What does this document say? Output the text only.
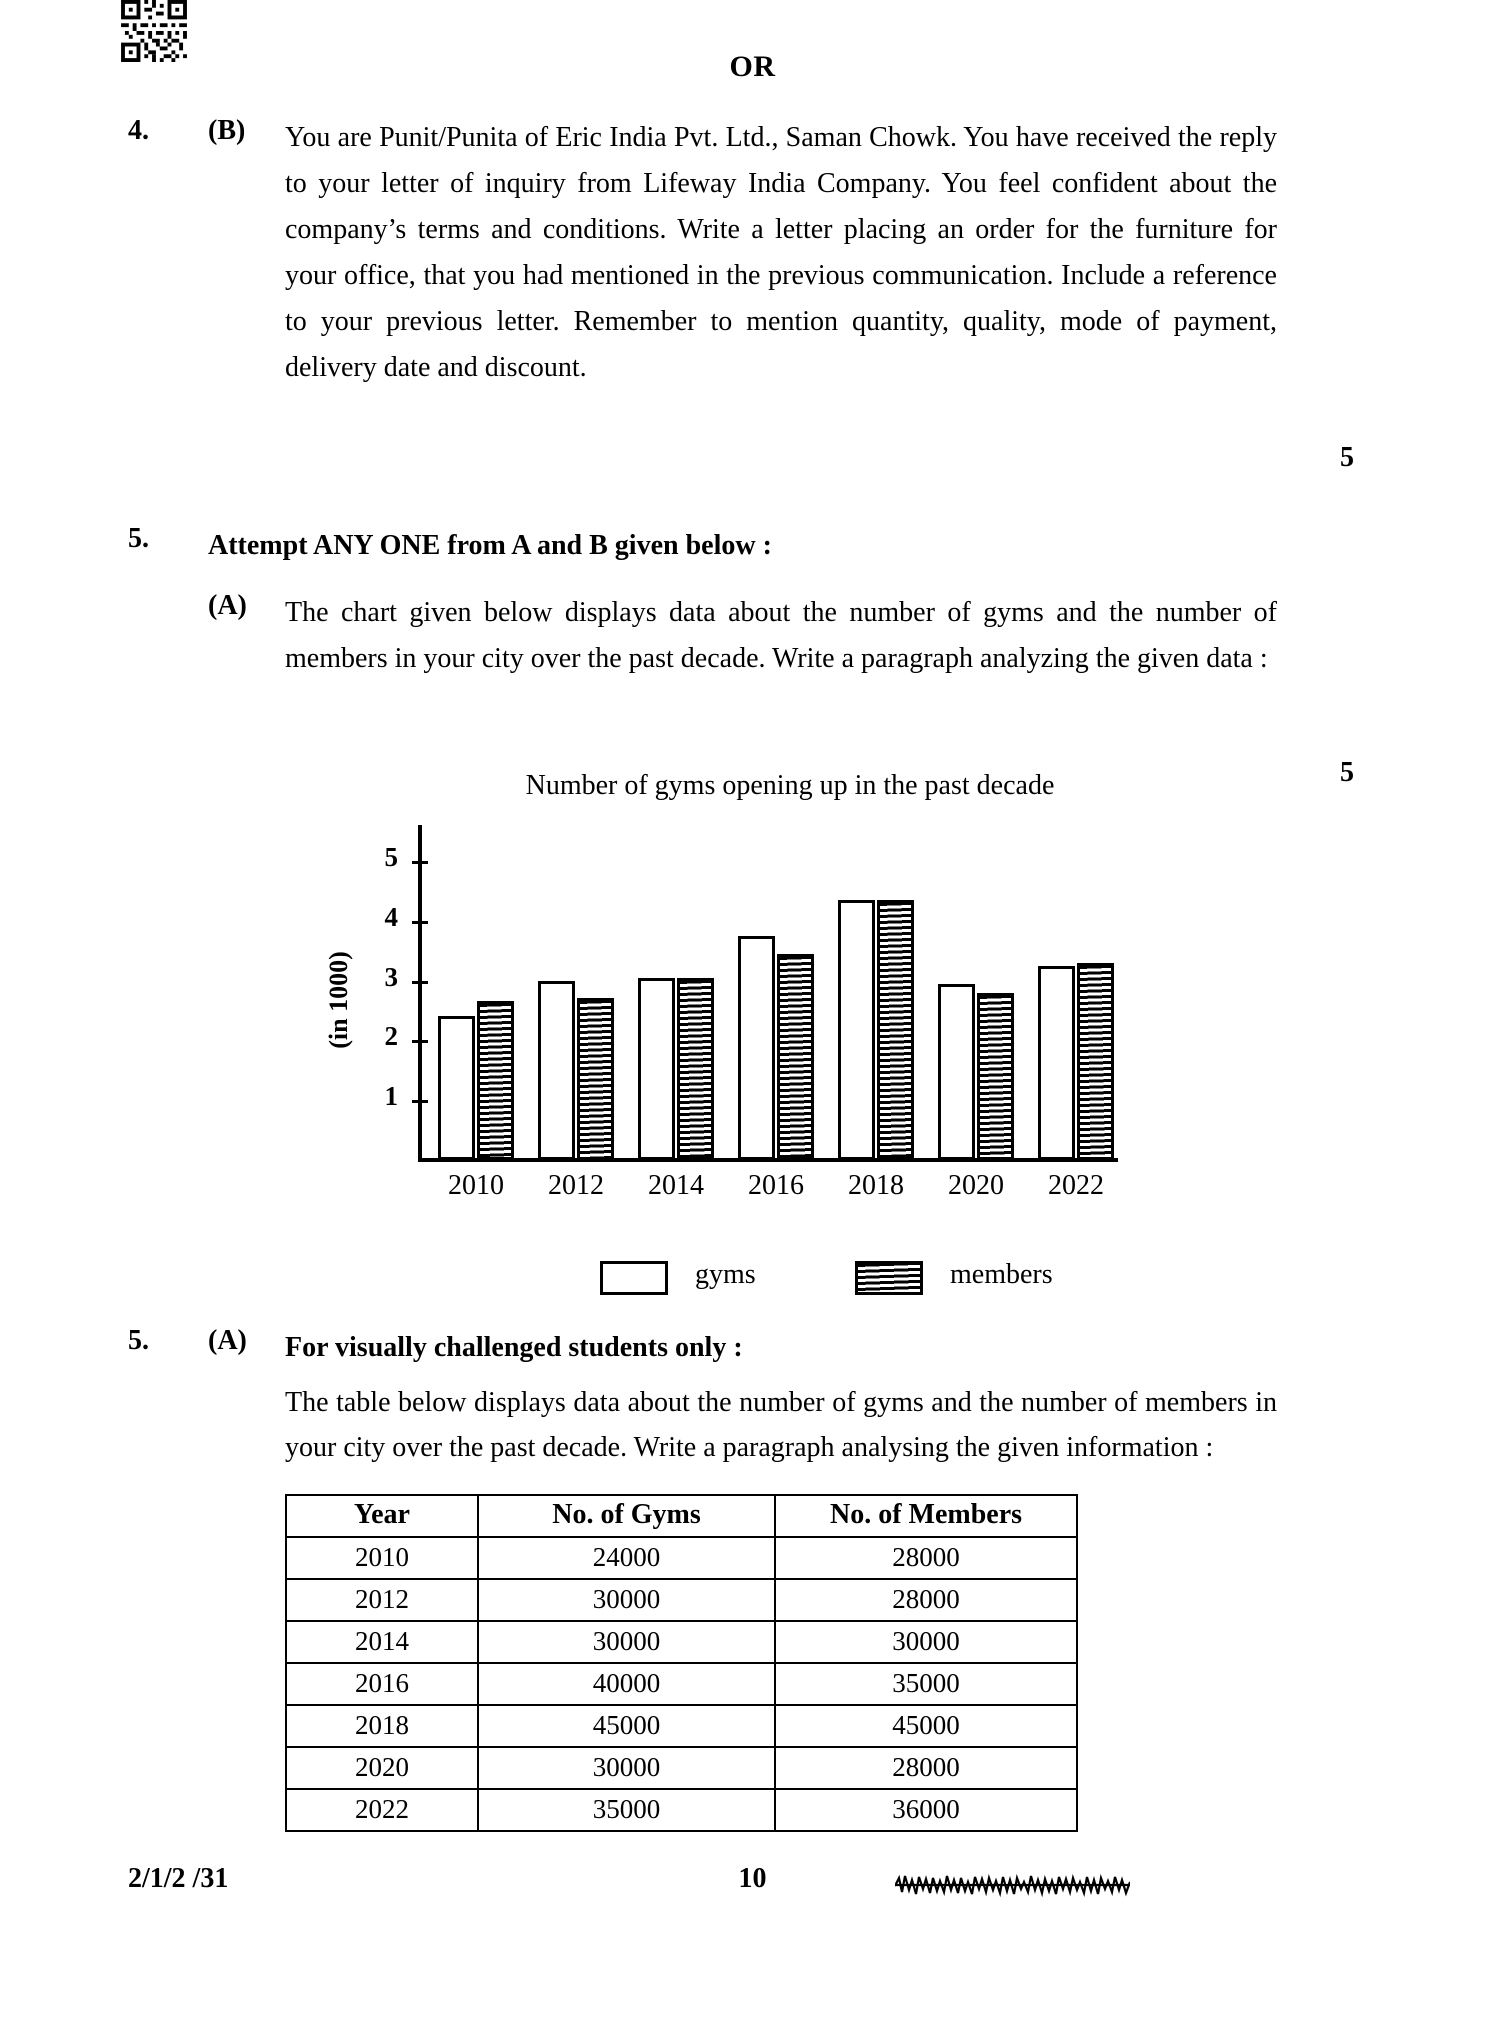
OR
4. (B) You are Punit/Punita of Eric India Pvt. Ltd., Saman Chowk. You have received the reply to your letter of inquiry from Lifeway India Company. You feel confident about the company’s terms and conditions. Write a letter placing an order for the furniture for your office, that you had mentioned in the previous communication. Include a reference to your previous letter. Remember to mention quantity, quality, mode of payment, delivery date and discount.
5
5. Attempt ANY ONE from A and B given below :
(A) The chart given below displays data about the number of gyms and the number of members in your city over the past decade. Write a paragraph analyzing the given data :
5
Number of gyms opening up in the past decade
(in 1000)
1
2
3
4
5
2010	2012	2014	2016	2018	2020	2022
gyms	members
5. (A) For visually challenged students only :
The table below displays data about the number of gyms and the number of members in your city over the past decade. Write a paragraph analysing the given information :
Year	No. of Gyms	No. of Members
2010	24000	28000
2012	30000	28000
2014	30000	30000
2016	40000	35000
2018	45000	45000
2020	30000	28000
2022	35000	36000
2/1/2 /31	10
